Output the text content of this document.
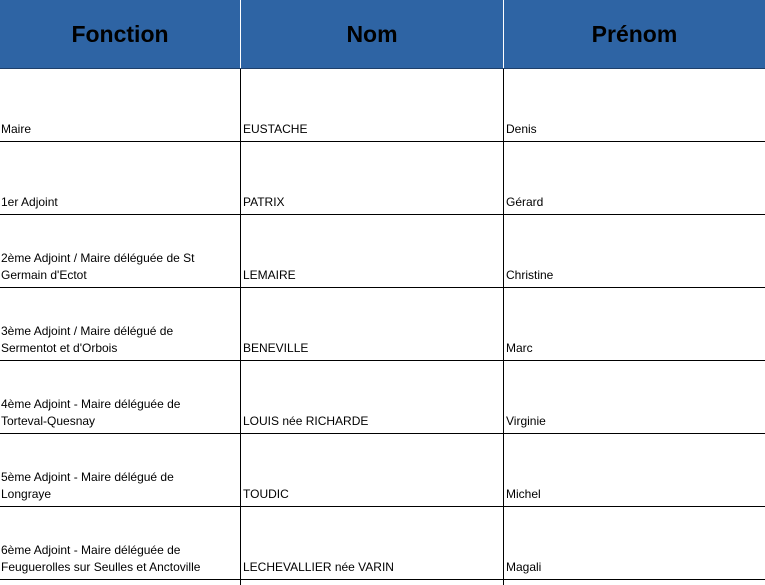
Fonction	Nom	Prénom
Maire	EUSTACHE	Denis
1er Adjoint	PATRIX	Gérard
2ème Adjoint / Maire déléguée de St
Germain d'Ectot	LEMAIRE	Christine
3ème Adjoint / Maire délégué de
Sermentot et d'Orbois	BENEVILLE	Marc
4ème Adjoint - Maire déléguée de
Torteval-Quesnay	LOUIS née RICHARDE	Virginie
5ème Adjoint - Maire délégué de
Longraye	TOUDIC	Michel
6ème Adjoint - Maire déléguée de
Feuguerolles sur Seulles et Anctoville	LECHEVALLIER née VARIN	Magali
